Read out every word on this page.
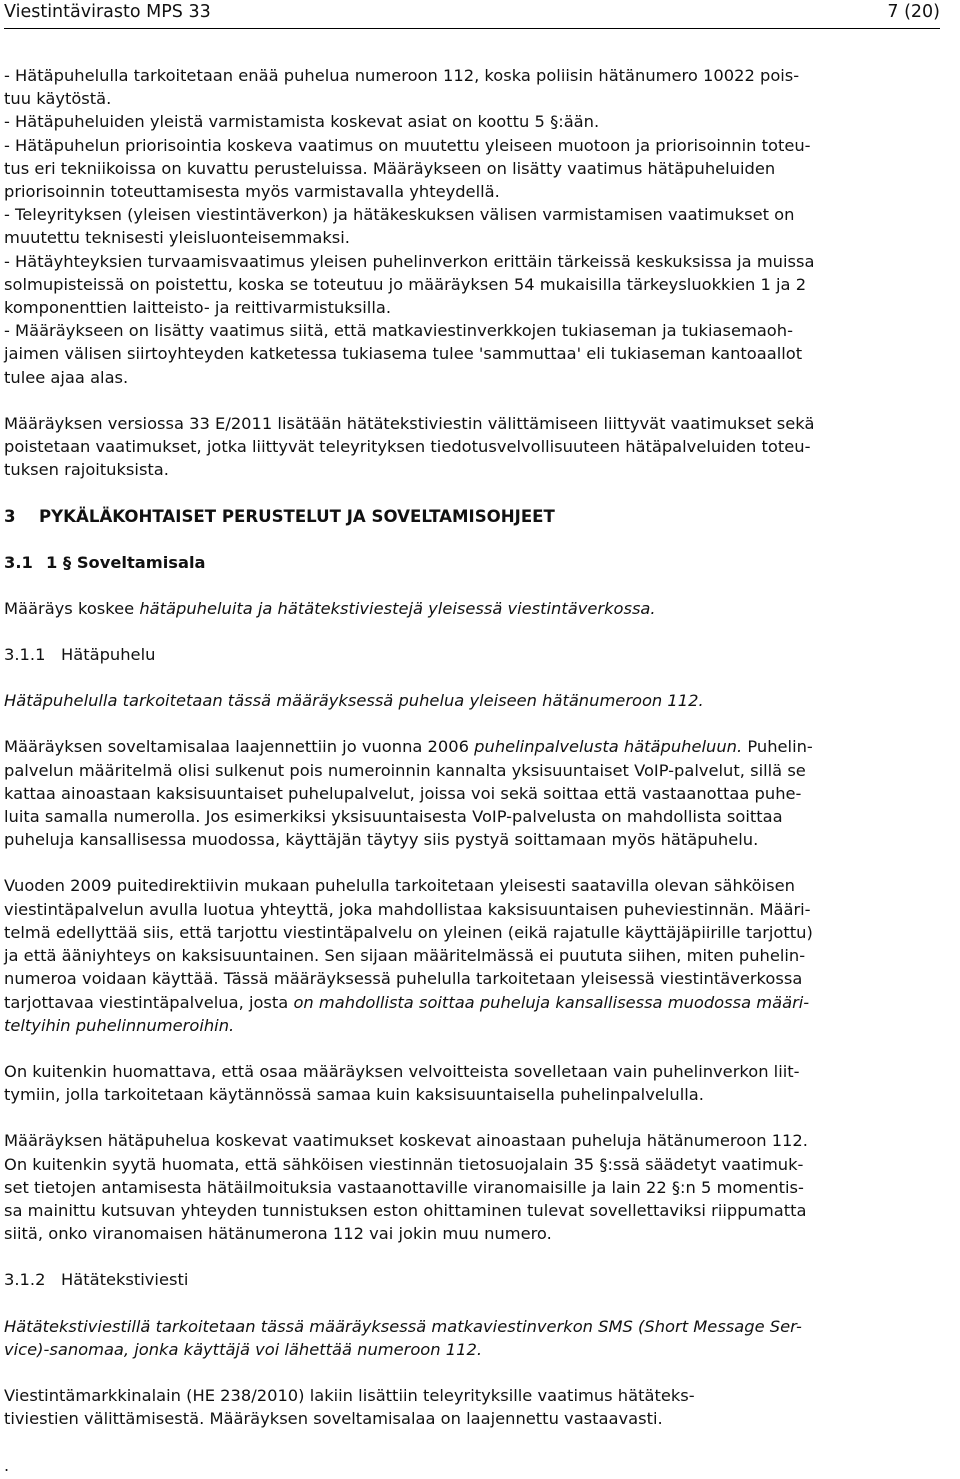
Viestintävirasto MPS 33	7 (20)

- Hätäpuhelulla tarkoitetaan enää puhelua numeroon 112, koska poliisin hätänumero 10022 pois-
tuu käytöstä.

- Hätäpuheluiden yleistä varmistamista koskevat asiat on koottu 5 §:ään.

- Hätäpuhelun priorisointia koskeva vaatimus on muutettu yleiseen muotoon ja priorisoinnin toteu-
tus eri tekniikoissa on kuvattu perusteluissa. Määräykseen on lisätty vaatimus hätäpuheluiden
priorisoinnin toteuttamisesta myös varmistavalla yhteydellä.

- Teleyrityksen (yleisen viestintäverkon) ja hätäkeskuksen välisen varmistamisen vaatimukset on
muutettu teknisesti yleisluonteisemmaksi.

- Hätäyhteyksien turvaamisvaatimus yleisen puhelinverkon erittäin tärkeissä keskuksissa ja muissa
solmupisteissä on poistettu, koska se toteutuu jo määräyksen 54 mukaisilla tärkeysluokkien 1 ja 2
komponenttien laitteisto- ja reittivarmistuksilla.

- Määräykseen on lisätty vaatimus siitä, että matkaviestinverkkojen tukiaseman ja tukiasemaoh-
jaimen välisen siirtoyhteyden katketessa tukiasema tulee 'sammuttaa' eli tukiaseman kantoaallot
tulee ajaa alas.

Määräyksen versiossa 33 E/2011 lisätään hätätekstiviestin välittämiseen liittyvät vaatimukset sekä
poistetaan vaatimukset, jotka liittyvät teleyrityksen tiedotusvelvollisuuteen hätäpalveluiden toteu-
tuksen rajoituksista.

3 PYKÄLÄKOHTAISET PERUSTELUT JA SOVELTAMISOHJEET
3.1 1 § Soveltamisala

Määräys koskee hätäpuheluita ja hätätekstiviestejä yleisessä viestintäverkossa.

3.1.1 Hätäpuhelu

Hätäpuhelulla tarkoitetaan tässä määräyksessä puhelua yleiseen hätänumeroon 112.

Määräyksen soveltamisalaa laajennettiin jo vuonna 2006 puhelinpalvelusta hätäpuheluun. Puhelin-
palvelun määritelmä olisi sulkenut pois numeroinnin kannalta yksisuuntaiset VoIP-palvelut, sillä se
kattaa ainoastaan kaksisuuntaiset puhelupalvelut, joissa voi sekä soittaa että vastaanottaa puhe-
luita samalla numerolla. Jos esimerkiksi yksisuuntaisesta VoIP-palvelusta on mahdollista soittaa
puheluja kansallisessa muodossa, käyttäjän täytyy siis pystyä soittamaan myös hätäpuhelu.

Vuoden 2009 puitedirektiivin mukaan puhelulla tarkoitetaan yleisesti saatavilla olevan sähköisen
viestintäpalvelun avulla luotua yhteyttä, joka mahdollistaa kaksisuuntaisen puheviestinnän. Määri-
telmä edellyttää siis, että tarjottu viestintäpalvelu on yleinen (eikä rajatulle käyttäjäpiirille tarjottu)
ja että ääniyhteys on kaksisuuntainen. Sen sijaan määritelmässä ei puututa siihen, miten puhelin-
numeroa voidaan käyttää. Tässä määräyksessä puhelulla tarkoitetaan yleisessä viestintäverkossa
tarjottavaa viestintäpalvelua, josta on mahdollista soittaa puheluja kansallisessa muodossa määri-
teltyihin puhelinnumeroihin.

On kuitenkin huomattava, että osaa määräyksen velvoitteista sovelletaan vain puhelinverkon liit-
tymiin, jolla tarkoitetaan käytännössä samaa kuin kaksisuuntaisella puhelinpalvelulla.

Määräyksen hätäpuhelua koskevat vaatimukset koskevat ainoastaan puheluja hätänumeroon 112.
On kuitenkin syytä huomata, että sähköisen viestinnän tietosuojalain 35 §:ssä säädetyt vaatimuk-
set tietojen antamisesta hätäilmoituksia vastaanottaville viranomaisille ja lain 22 §:n 5 momentis-
sa mainittu kutsuvan yhteyden tunnistuksen eston ohittaminen tulevat sovellettaviksi riippumatta
siitä, onko viranomaisen hätänumerona 112 vai jokin muu numero.

3.1.2 Hätätekstiviesti

Hätätekstiviestillä tarkoitetaan tässä määräyksessä matkaviestinverkon SMS (Short Message Ser-
vice)-sanomaa, jonka käyttäjä voi lähettää numeroon 112.

Viestintämarkkinalain (HE 238/2010) lakiin lisättiin teleyrityksille vaatimus hätäteks-
tiviestien välittämisestä. Määräyksen soveltamisalaa on laajennettu vastaavasti.

.
